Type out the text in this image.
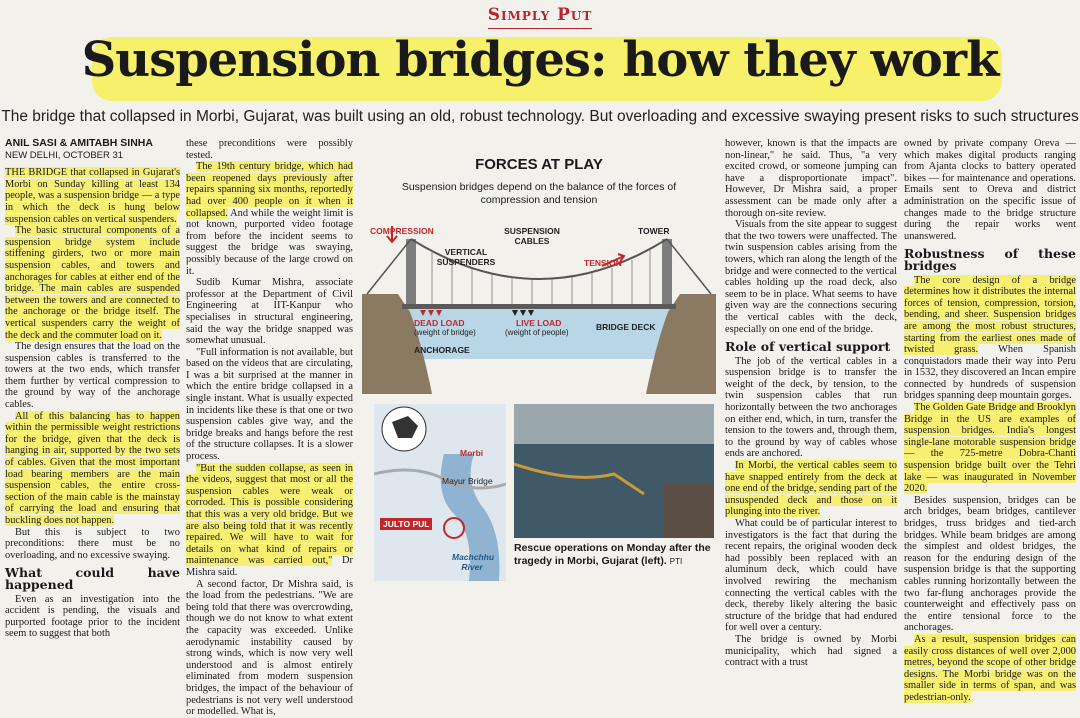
Simply Put
Suspension bridges: how they work
The bridge that collapsed in Morbi, Gujarat, was built using an old, robust technology. But overloading and excessive swaying present risks to such structures
ANIL SASI & AMITABH SINHA
NEW DELHI, OCTOBER 31

THE BRIDGE that collapsed in Gujarat's Morbi on Sunday killing at least 134 people, was a suspension bridge — a type in which the deck is hung below suspension cables on vertical suspenders.

The basic structural components of a suspension bridge system include stiffening girders, two or more main suspension cables, and towers and anchorages for cables at either end of the bridge. The main cables are suspended between the towers and are connected to the anchorage or the bridge itself. The vertical suspenders carry the weight of the deck and the commuter load on it.

The design ensures that the load on the suspension cables is transferred to the towers at the two ends, which transfer them further by vertical compression to the ground by way of the anchorage cables.

All of this balancing has to happen within the permissible weight restrictions for the bridge, given that the deck is hanging in air, supported by the two sets of cables. Given that the most important load bearing members are the main suspension cables, the entire cross-section of the main cable is the mainstay of carrying the load and ensuring that buckling does not happen.

But this is subject to two preconditions: there must be no overloading, and no excessive swaying.

What could have happened

Even as an investigation into the accident is pending, the visuals and purported footage prior to the incident seem to suggest that both

these preconditions were possibly tested.

The 19th century bridge, which had been reopened days previously after repairs spanning six months, reportedly had over 400 people on it when it collapsed. And while the weight limit is not known, purported video footage from before the incident seems to suggest the bridge was swaying, possibly because of the large crowd on it.

Sudib Kumar Mishra, associate professor at the Department of Civil Engineering at IIT-Kanpur who specialises in structural engineering, said the way the bridge snapped was somewhat unusual.

"Full information is not available, but based on the videos that are circulating, I was a bit surprised at the manner in which the entire bridge collapsed in a single instant. What is usually expected in incidents like these is that one or two suspension cables give way, and the bridge breaks and hangs before the rest of the structure collapses. It is a slower process.

"But the sudden collapse, as seen in the videos, suggest that most or all the suspension cables were weak or corroded. This is possible considering that this was a very old bridge. But we are also being told that it was recently repaired. We will have to wait for details on what kind of repairs or maintenance was carried out," Dr Mishra said.

A second factor, Dr Mishra said, is the load from the pedestrians. "We are being told that there was overcrowding, though we do not know to what extent the capacity was exceeded. Unlike aerodynamic instability caused by strong winds, which is now very well understood and is almost entirely eliminated from modern suspension bridges, the impact of the behaviour of pedestrians is not very well understood or modelled. What is,

FORCES AT PLAY
Suspension bridges depend on the balance of the forces of compression and tension
COMPRESSION	SUSPENSION CABLES
TOWER
VERTICAL SUSPENDERS	TENSION
DEAD LOAD
(weight of bridge)
LIVE LOAD
(weight of people)
BRIDGE DECK
ANCHORAGE
Morbi
Mayur Bridge
JULTO PUL
Machchhu River
Rescue operations on Monday after the tragedy in Morbi, Gujarat (left). PTI

however, known is that the impacts are non-linear," he said. Thus, "a very excited crowd, or someone jumping can have a disproportionate impact". However, Dr Mishra said, a proper assessment can be made only after a thorough on-site review.

Visuals from the site appear to suggest that the two towers were unaffected. The twin suspension cables arising from the towers, which ran along the length of the bridge and were connected to the vertical cables holding up the road deck, also seem to be in place. What seems to have given way are the connections securing the vertical cables with the deck, especially on one end of the bridge.

Role of vertical support

The job of the vertical cables in a suspension bridge is to transfer the weight of the deck, by tension, to the twin suspension cables that run horizontally between the two anchorages on either end, which, in turn, transfer the tension to the towers and, through them, to the ground by way of cables whose ends are anchored.

In Morbi, the vertical cables seem to have snapped entirely from the deck at one end of the bridge, sending part of the unsuspended deck and those on it plunging into the river.

What could be of particular interest to investigators is the fact that during the recent repairs, the original wooden deck had possibly been replaced with an aluminum deck, which could have involved rewiring the mechanism connecting the vertical cables with the deck, thereby likely altering the basic structure of the bridge that had endured for well over a century.

The bridge is owned by Morbi municipality, which had signed a contract with a trust

owned by private company Oreva — which makes digital products ranging from Ajanta clocks to battery operated bikes — for maintenance and operations. Emails sent to Oreva and district administration on the specific issue of changes made to the bridge structure during the repair works went unanswered.

Robustness of these bridges

The core design of a bridge determines how it distributes the internal forces of tension, compression, torsion, bending, and sheer. Suspension bridges are among the most robust structures, starting from the earliest ones made of twisted grass. When Spanish conquistadors made their way into Peru in 1532, they discovered an Incan empire connected by hundreds of suspension bridges spanning deep mountain gorges.

The Golden Gate Bridge and Brooklyn Bridge in the US are examples of suspension bridges. India's longest single-lane motorable suspension bridge — the 725-metre Dobra-Chanti suspension bridge built over the Tehri lake — was inaugurated in November 2020.

Besides suspension, bridges can be arch bridges, beam bridges, cantilever bridges, truss bridges and tied-arch bridges. While beam bridges are among the simplest and oldest bridges, the reason for the enduring design of the suspension bridge is that the supporting cables running horizontally between the two far-flung anchorages provide the counterweight and effectively pass on the entire tensional force to the anchorages.

As a result, suspension bridges can easily cross distances of well over 2,000 metres, beyond the scope of other bridge designs. The Morbi bridge was on the smaller side in terms of span, and was pedestrian-only.
